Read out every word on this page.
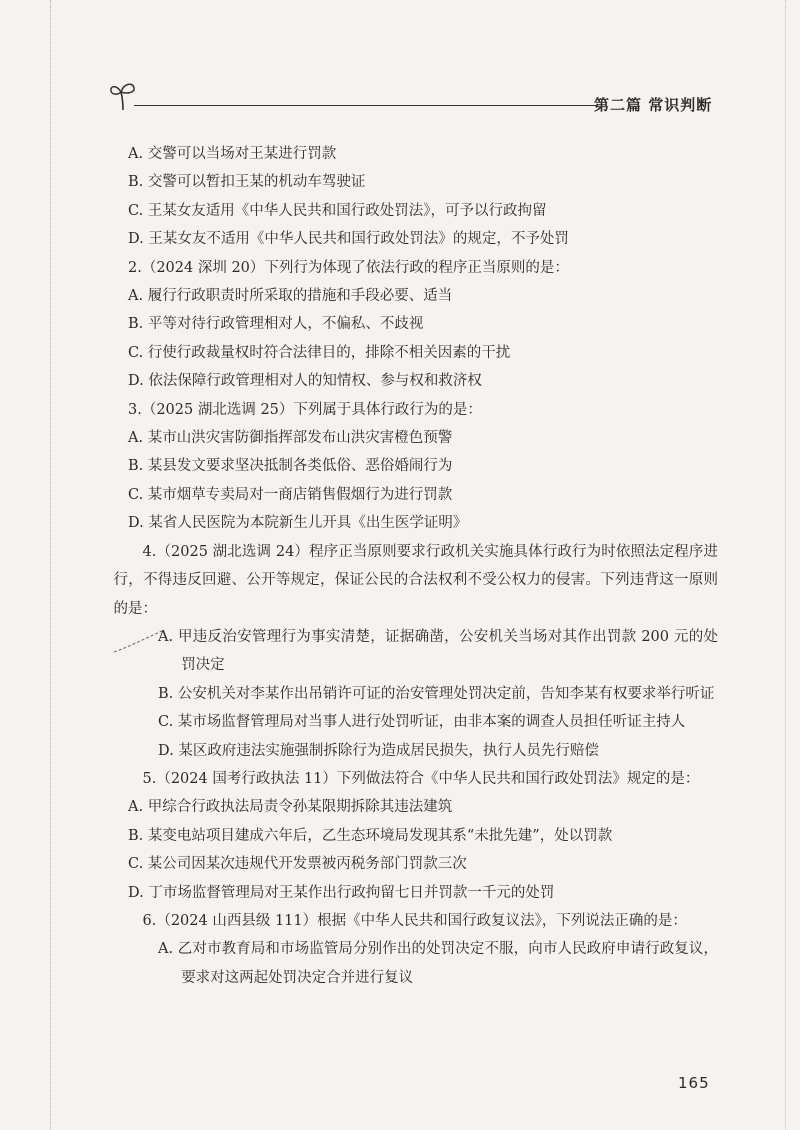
第二篇 常识判断
A. 交警可以当场对王某进行罚款
B. 交警可以暂扣王某的机动车驾驶证
C. 王某女友适用《中华人民共和国行政处罚法》，可予以行政拘留
D. 王某女友不适用《中华人民共和国行政处罚法》的规定，不予处罚
2.（2024 深圳 20）下列行为体现了依法行政的程序正当原则的是：
A. 履行行政职责时所采取的措施和手段必要、适当
B. 平等对待行政管理相对人，不偏私、不歧视
C. 行使行政裁量权时符合法律目的，排除不相关因素的干扰
D. 依法保障行政管理相对人的知情权、参与权和救济权
3.（2025 湖北选调 25）下列属于具体行政行为的是：
A. 某市山洪灾害防御指挥部发布山洪灾害橙色预警
B. 某县发文要求坚决抵制各类低俗、恶俗婚闹行为
C. 某市烟草专卖局对一商店销售假烟行为进行罚款
D. 某省人民医院为本院新生儿开具《出生医学证明》
4.（2025 湖北选调 24）程序正当原则要求行政机关实施具体行政行为时依照法定程序进行，不得违反回避、公开等规定，保证公民的合法权利不受公权力的侵害。下列违背这一原则的是：
A. 甲违反治安管理行为事实清楚，证据确凿，公安机关当场对其作出罚款 200 元的处罚决定
B. 公安机关对李某作出吊销许可证的治安管理处罚决定前，告知李某有权要求举行听证
C. 某市场监督管理局对当事人进行处罚听证，由非本案的调查人员担任听证主持人
D. 某区政府违法实施强制拆除行为造成居民损失，执行人员先行赔偿
5.（2024 国考行政执法 11）下列做法符合《中华人民共和国行政处罚法》规定的是：
A. 甲综合行政执法局责令孙某限期拆除其违法建筑
B. 某变电站项目建成六年后，乙生态环境局发现其系“未批先建”，处以罚款
C. 某公司因某次违规代开发票被丙税务部门罚款三次
D. 丁市场监督管理局对王某作出行政拘留七日并罚款一千元的处罚
6.（2024 山西县级 111）根据《中华人民共和国行政复议法》，下列说法正确的是：
A. 乙对市教育局和市场监管局分别作出的处罚决定不服，向市人民政府申请行政复议，要求对这两起处罚决定合并进行复议
165
